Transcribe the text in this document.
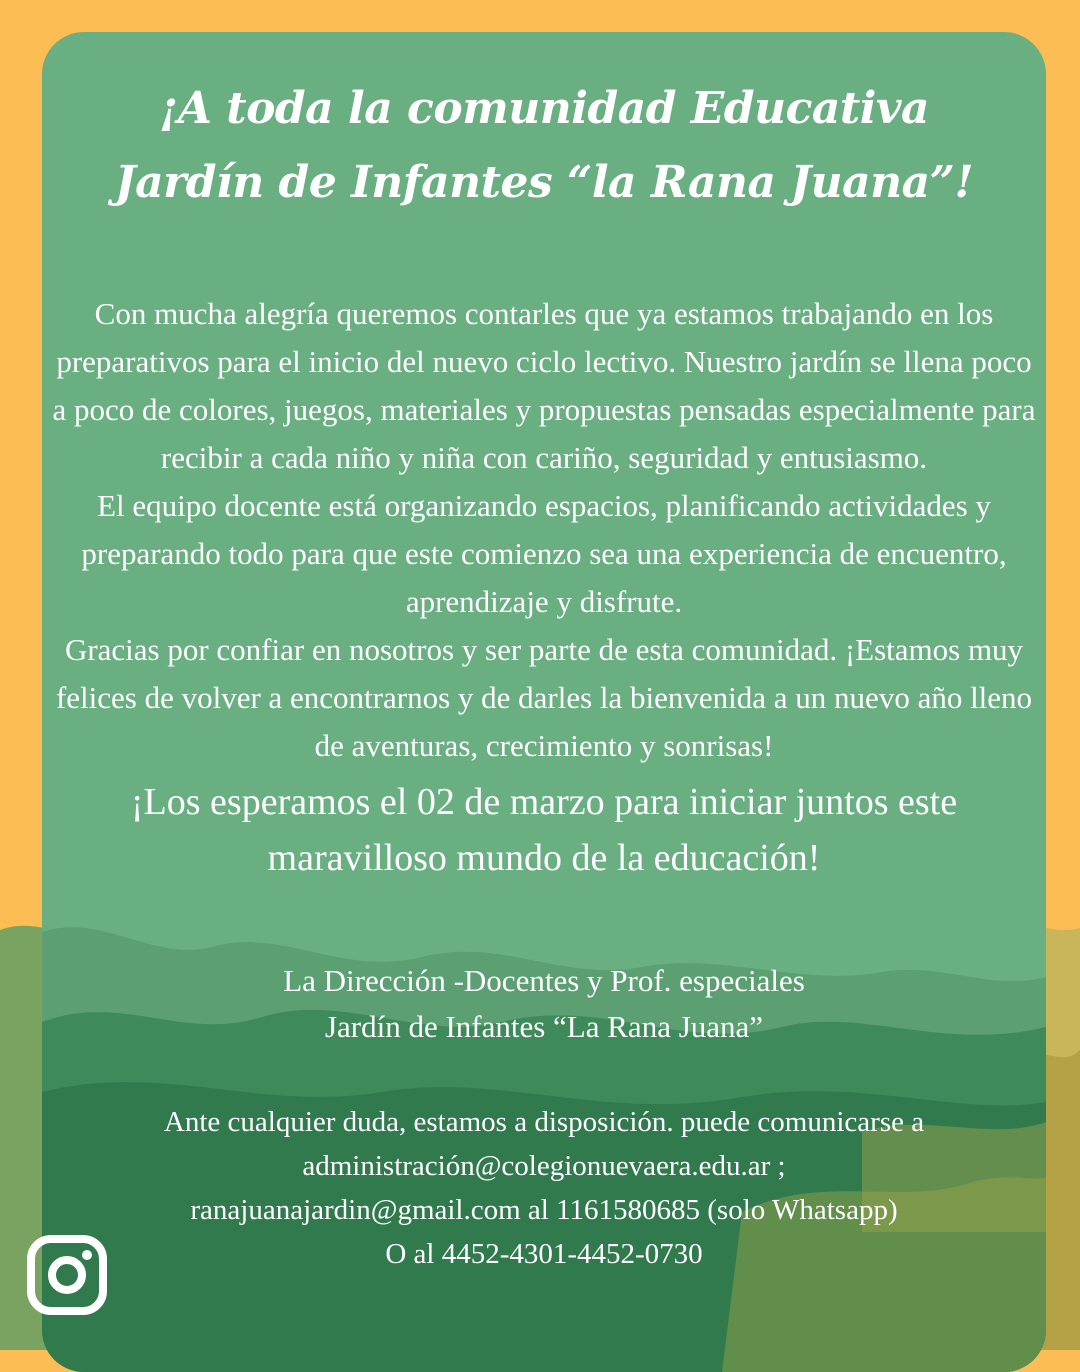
¡A toda la comunidad Educativa Jardín de Infantes “la Rana Juana”!

Con mucha alegría queremos contarles que ya estamos trabajando en los preparativos para el inicio del nuevo ciclo lectivo. Nuestro jardín se llena poco a poco de colores, juegos, materiales y propuestas pensadas especialmente para recibir a cada niño y niña con cariño, seguridad y entusiasmo.

El equipo docente está organizando espacios, planificando actividades y preparando todo para que este comienzo sea una experiencia de encuentro, aprendizaje y disfrute.

Gracias por confiar en nosotros y ser parte de esta comunidad. ¡Estamos muy felices de volver a encontrarnos y de darles la bienvenida a un nuevo año lleno de aventuras, crecimiento y sonrisas!

¡Los esperamos el 02 de marzo para iniciar juntos este maravilloso mundo de la educación!

La Dirección -Docentes y Prof. especiales
Jardín de Infantes “La Rana Juana”
Ante cualquier duda, estamos a disposición. puede comunicarse a
administración@colegionuevaera.edu.ar ;
ranajuanajardin@gmail.com al 1161580685 (solo Whatsapp)
O al 4452-4301-4452-0730
